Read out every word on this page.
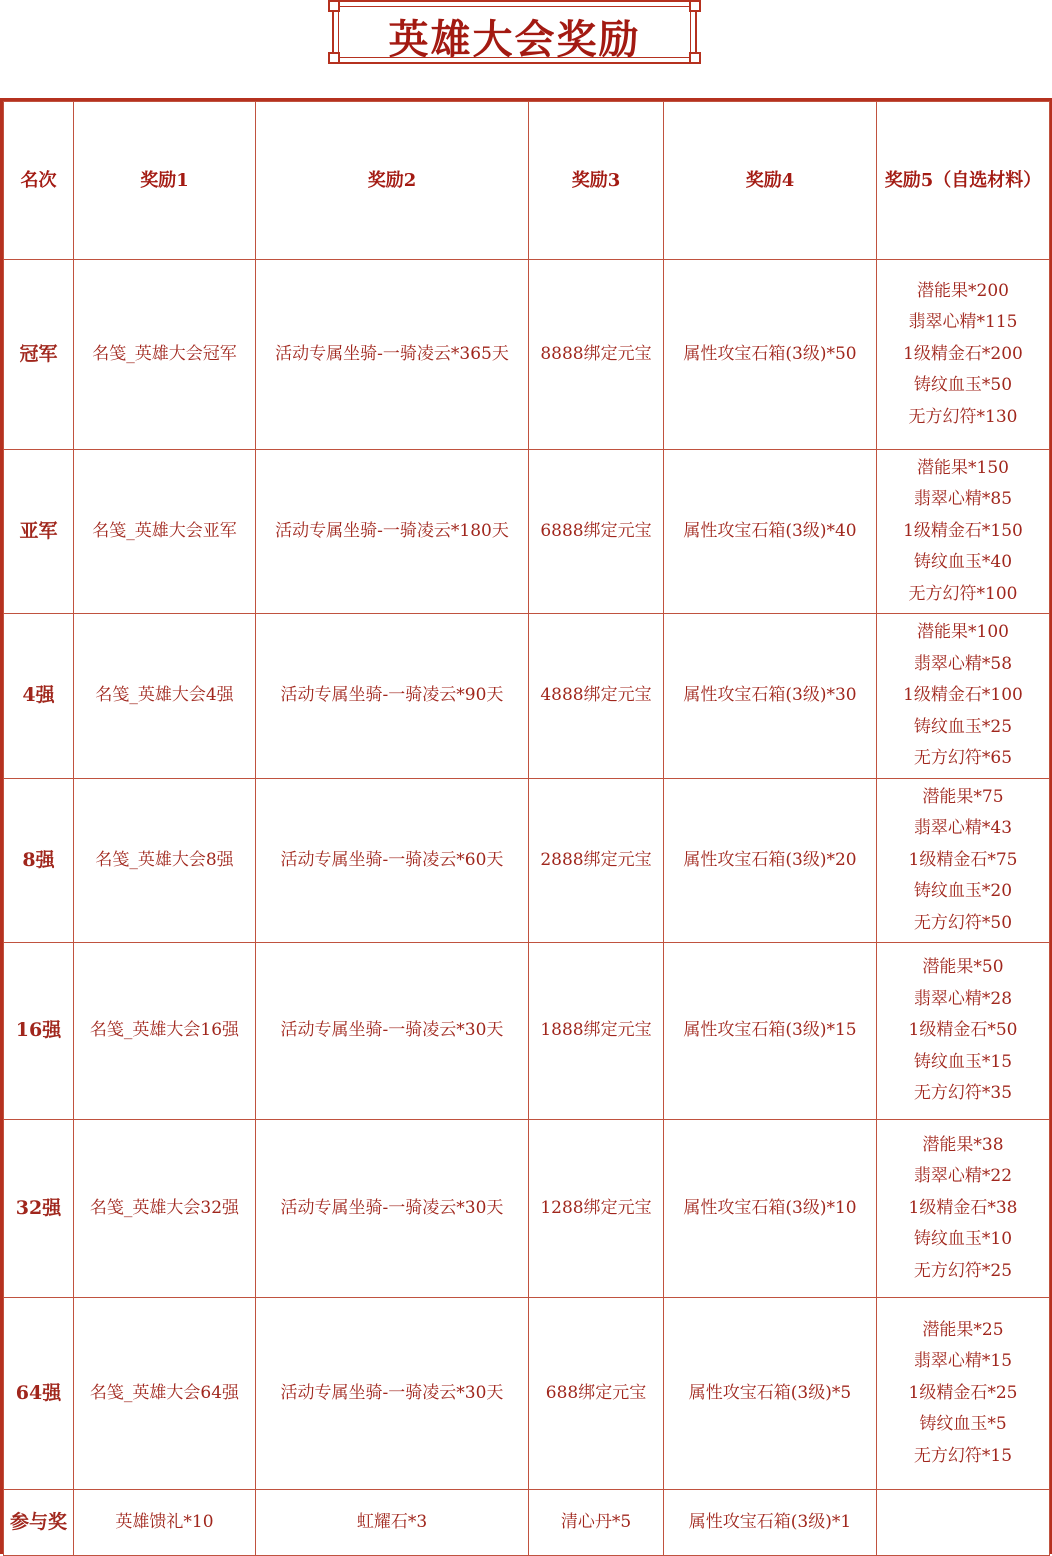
英雄大会奖励
名次	奖励1	奖励2	奖励3	奖励4	奖励5（自选材料）
冠军	名笺_英雄大会冠军	活动专属坐骑-一骑凌云*365天	8888绑定元宝	属性攻宝石箱(3级)*50	潜能果*200
翡翠心精*115
1级精金石*200
铸纹血玉*50
无方幻符*130

亚军	名笺_英雄大会亚军	活动专属坐骑-一骑凌云*180天	6888绑定元宝	属性攻宝石箱(3级)*40	潜能果*150
翡翠心精*85
1级精金石*150
铸纹血玉*40
无方幻符*100

4强	名笺_英雄大会4强	活动专属坐骑-一骑凌云*90天	4888绑定元宝	属性攻宝石箱(3级)*30	潜能果*100
翡翠心精*58
1级精金石*100
铸纹血玉*25
无方幻符*65

8强	名笺_英雄大会8强	活动专属坐骑-一骑凌云*60天	2888绑定元宝	属性攻宝石箱(3级)*20	潜能果*75
翡翠心精*43
1级精金石*75
铸纹血玉*20
无方幻符*50

16强	名笺_英雄大会16强	活动专属坐骑-一骑凌云*30天	1888绑定元宝	属性攻宝石箱(3级)*15	潜能果*50
翡翠心精*28
1级精金石*50
铸纹血玉*15
无方幻符*35

32强	名笺_英雄大会32强	活动专属坐骑-一骑凌云*30天	1288绑定元宝	属性攻宝石箱(3级)*10	潜能果*38
翡翠心精*22
1级精金石*38
铸纹血玉*10
无方幻符*25

64强	名笺_英雄大会64强	活动专属坐骑-一骑凌云*30天	688绑定元宝	属性攻宝石箱(3级)*5	潜能果*25
翡翠心精*15
1级精金石*25
铸纹血玉*5
无方幻符*15

参与奖	英雄馈礼*10	虹耀石*3	清心丹*5	属性攻宝石箱(3级)*1	
